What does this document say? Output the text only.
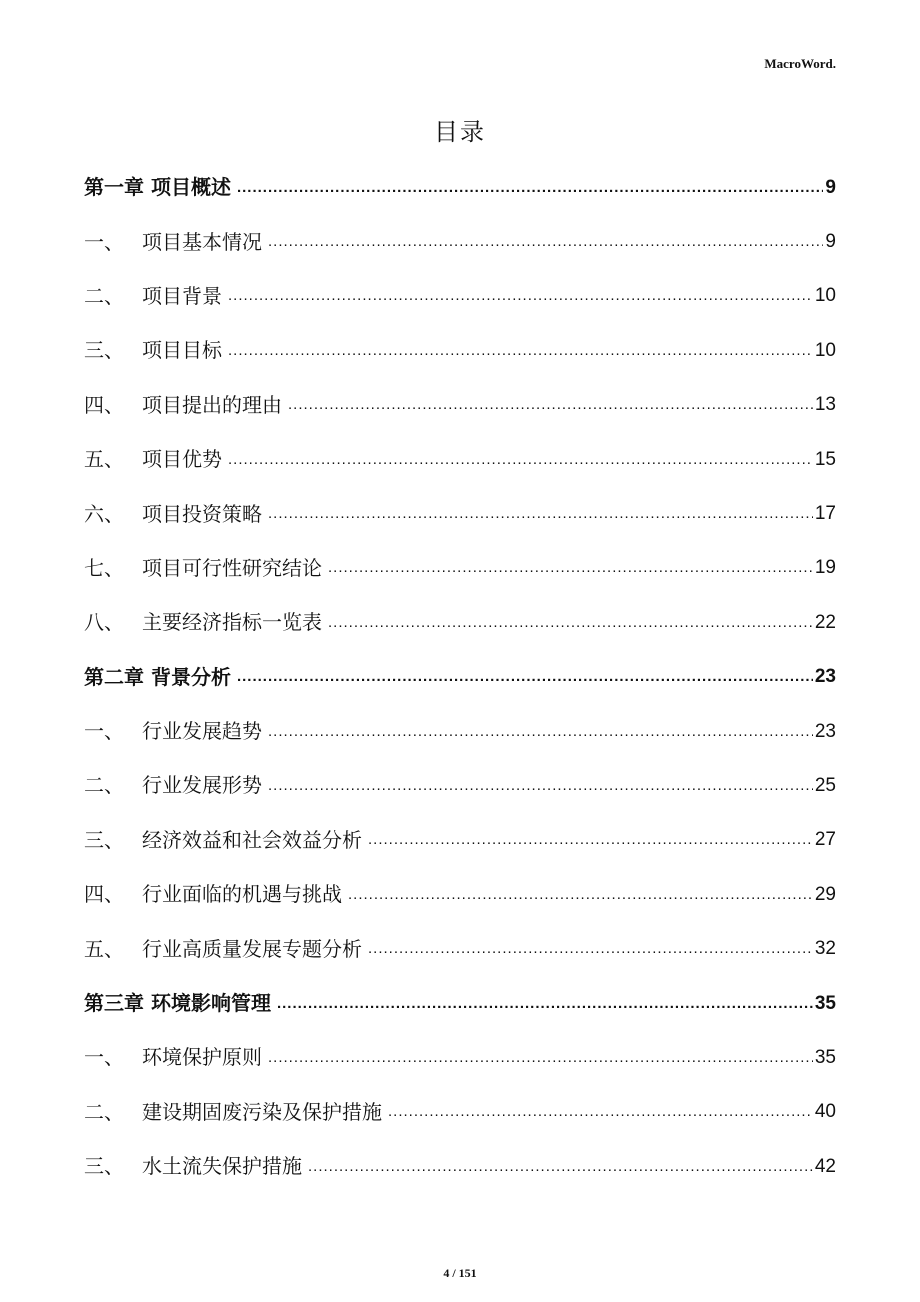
MacroWord.
目录
第一章 项目概述 .....	9
一、 项目基本情况 .....	9
二、 项目背景 .....	10
三、 项目目标 .....	10
四、 项目提出的理由 .....	13
五、 项目优势 .....	15
六、 项目投资策略 .....	17
七、 项目可行性研究结论 .....	19
八、 主要经济指标一览表 .....	22
第二章 背景分析 .....	23
一、 行业发展趋势 .....	23
二、 行业发展形势 .....	25
三、 经济效益和社会效益分析 .....	27
四、 行业面临的机遇与挑战 .....	29
五、 行业高质量发展专题分析 .....	32
第三章 环境影响管理 .....	35
一、 环境保护原则 .....	35
二、 建设期固废污染及保护措施 .....	40
三、 水土流失保护措施 .....	42
4 / 151
